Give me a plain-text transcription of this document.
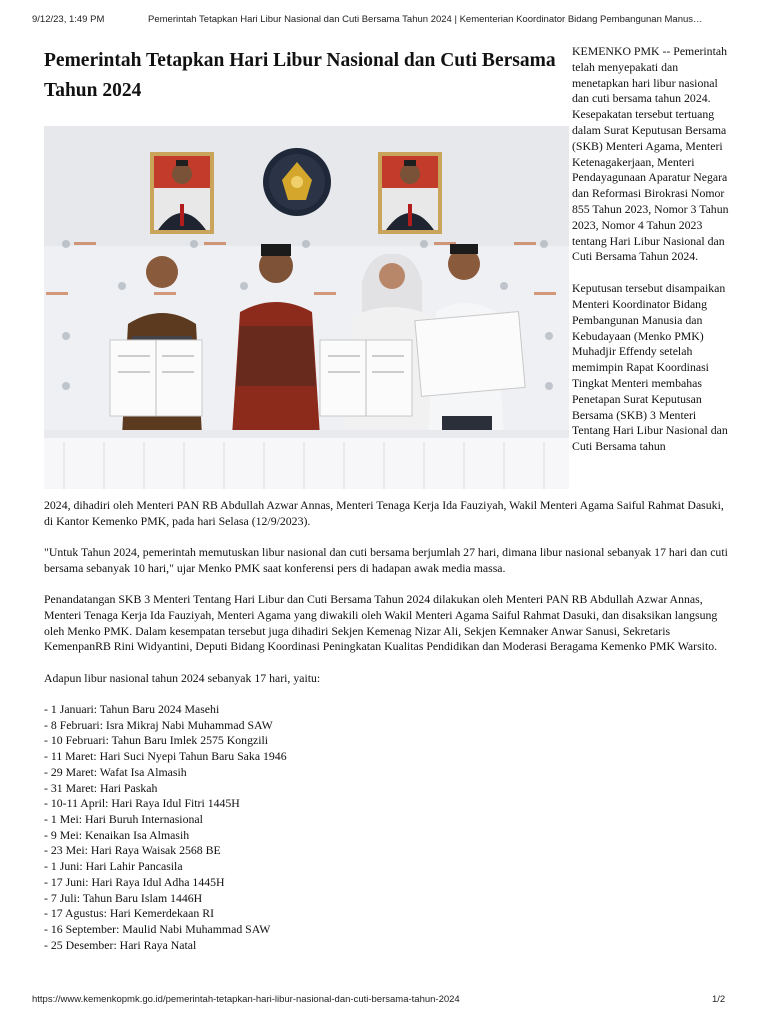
9/12/23, 1:49 PM	Pemerintah Tetapkan Hari Libur Nasional dan Cuti Bersama Tahun 2024 | Kementerian Koordinator Bidang Pembangunan Manus…
Pemerintah Tetapkan Hari Libur Nasional dan Cuti Bersama Tahun 2024

KEMENKO PMK -- Pemerintah telah menyepakati dan menetapkan hari libur nasional dan cuti bersama tahun 2024. Kesepakatan tersebut tertuang dalam Surat Keputusan Bersama (SKB) Menteri Agama, Menteri Ketenagakerjaan, Menteri Pendayagunaan Aparatur Negara dan Reformasi Birokrasi Nomor 855 Tahun 2023, Nomor 3 Tahun 2023, Nomor 4 Tahun 2023 tentang Hari Libur Nasional dan Cuti Bersama Tahun 2024.

Keputusan tersebut disampaikan Menteri Koordinator Bidang Pembangunan Manusia dan Kebudayaan (Menko PMK) Muhadjir Effendy setelah memimpin Rapat Koordinasi Tingkat Menteri membahas Penetapan Surat Keputusan Bersama (SKB) 3 Menteri Tentang Hari Libur Nasional dan Cuti Bersama tahun

2024, dihadiri oleh Menteri PAN RB Abdullah Azwar Annas, Menteri Tenaga Kerja Ida Fauziyah, Wakil Menteri Agama Saiful Rahmat Dasuki, di Kantor Kemenko PMK, pada hari Selasa (12/9/2023).

"Untuk Tahun 2024, pemerintah memutuskan libur nasional dan cuti bersama berjumlah 27 hari, dimana libur nasional sebanyak 17 hari dan cuti bersama sebanyak 10 hari," ujar Menko PMK saat konferensi pers di hadapan awak media massa.

Penandatangan SKB 3 Menteri Tentang Hari Libur dan Cuti Bersama Tahun 2024 dilakukan oleh Menteri PAN RB Abdullah Azwar Annas, Menteri Tenaga Kerja Ida Fauziyah, Menteri Agama yang diwakili oleh Wakil Menteri Agama Saiful Rahmat Dasuki, dan disaksikan langsung oleh Menko PMK. Dalam kesempatan tersebut juga dihadiri Sekjen Kemenag Nizar Ali, Sekjen Kemnaker Anwar Sanusi, Sekretaris KemenpanRB Rini Widyantini, Deputi Bidang Koordinasi Peningkatan Kualitas Pendidikan dan Moderasi Beragama Kemenko PMK Warsito.

Adapun libur nasional tahun 2024 sebanyak 17 hari, yaitu:

- 1 Januari: Tahun Baru 2024 Masehi
- 8 Februari: Isra Mikraj Nabi Muhammad SAW
- 10 Februari: Tahun Baru Imlek 2575 Kongzili
- 11 Maret: Hari Suci Nyepi Tahun Baru Saka 1946
- 29 Maret: Wafat Isa Almasih
- 31 Maret: Hari Paskah
- 10-11 April: Hari Raya Idul Fitri 1445H
- 1 Mei: Hari Buruh Internasional
- 9 Mei: Kenaikan Isa Almasih
- 23 Mei: Hari Raya Waisak 2568 BE
- 1 Juni: Hari Lahir Pancasila
- 17 Juni: Hari Raya Idul Adha 1445H
- 7 Juli: Tahun Baru Islam 1446H
- 17 Agustus: Hari Kemerdekaan RI
- 16 September: Maulid Nabi Muhammad SAW
- 25 Desember: Hari Raya Natal
https://www.kemenkopmk.go.id/pemerintah-tetapkan-hari-libur-nasional-dan-cuti-bersama-tahun-2024	1/2
